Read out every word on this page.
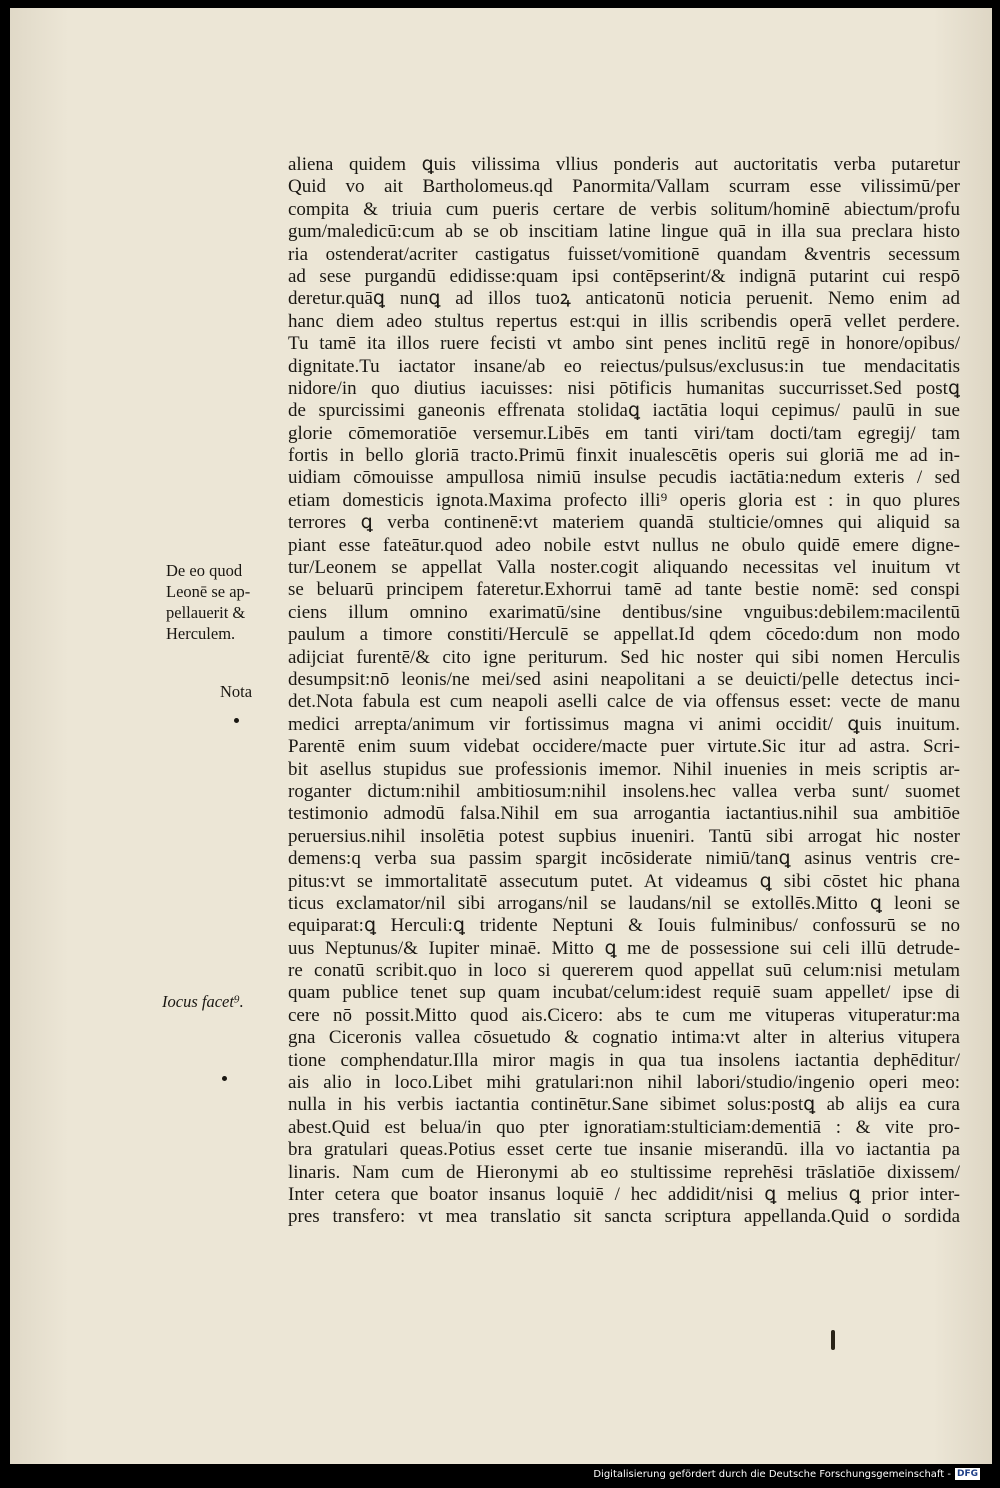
aliena quidem ꝗuis vilissima vllius ponderis aut auctoritatis verba putaretur
Quid vo ait Bartholomeus.qd Panormita/Vallam scurram esse vilissimū/per
compita & triuia cum pueris certare de verbis solitum/hominē abiectum/profu
gum/maledicū:cum ab se ob inscitiam latine lingue quā in illa sua preclara histo
ria ostenderat/acriter castigatus fuisset/vomitionē quandam &ventris secessum
ad sese purgandū edidisse:quam ipsi contēpserint/& indignā putarint cui respō
deretur.quāꝗ nunꝗ ad illos tuoꝝ anticatonū noticia peruenit. Nemo enim ad
hanc diem adeo stultus repertus est:qui in illis scribendis operā vellet perdere.
Tu tamē ita illos ruere fecisti vt ambo sint penes inclitū regē in honore/opibus/
dignitate.Tu iactator insane/ab eo reiectus/pulsus/exclusus:in tue mendacitatis
nidore/in quo diutius iacuisses: nisi pōtificis humanitas succurrisset.Sed postꝗ
de spurcissimi ganeonis effrenata stolidaꝗ iactātia loqui cepimus/ paulū in sue
glorie cōmemoratiōe versemur.Libēs em tanti viri/tam docti/tam egregij/ tam
fortis in bello gloriā tracto.Primū finxit inualescētis operis sui gloriā me ad in-
uidiam cōmouisse ampullosa nimiū insulse pecudis iactātia:nedum exteris / sed
etiam domesticis ignota.Maxima profecto illi⁹ operis gloria est : in quo plures
terrores ꝗ verba continenē:vt materiem quandā stulticie/omnes qui aliquid sa
piant esse fateātur.quod adeo nobile estvt nullus ne obulo quidē emere digne-
tur/Leonem se appellat Valla noster.cogit aliquando necessitas vel inuitum vt
se beluarū principem fateretur.Exhorrui tamē ad tante bestie nomē: sed conspi
ciens illum omnino exarimatū/sine dentibus/sine vnguibus:debilem:macilentū
paulum a timore constiti/Herculē se appellat.Id qdem cōcedo:dum non modo
adijciat furentē/& cito igne periturum. Sed hic noster qui sibi nomen Herculis
desumpsit:nō leonis/ne mei/sed asini neapolitani a se deuicti/pelle detectus inci-
det.Nota fabula est cum neapoli aselli calce de via offensus esset: vecte de manu
medici arrepta/animum vir fortissimus magna vi animi occidit/ ꝗuis inuitum.
Parentē enim suum videbat occidere/macte puer virtute.Sic itur ad astra. Scri-
bit asellus stupidus sue professionis imemor. Nihil inuenies in meis scriptis ar-
roganter dictum:nihil ambitiosum:nihil insolens.hec vallea verba sunt/ suomet
testimonio admodū falsa.Nihil em sua arrogantia iactantius.nihil sua ambitiōe
peruersius.nihil insolētia potest supbius inueniri. Tantū sibi arrogat hic noster
demens:q verba sua passim spargit incōsiderate nimiū/tanꝗ asinus ventris cre-
pitus:vt se immortalitatē assecutum putet. At videamus ꝗ sibi cōstet hic phana
ticus exclamator/nil sibi arrogans/nil se laudans/nil se extollēs.Mitto ꝗ leoni se
equiparat:ꝗ Herculi:ꝗ tridente Neptuni & Iouis fulminibus/ confossurū se no
uus Neptunus/& Iupiter minaē. Mitto ꝗ me de possessione sui celi illū detrude-
re conatū scribit.quo in loco si quererem quod appellat suū celum:nisi metulam
quam publice tenet sup quam incubat/celum:idest requiē suam appellet/ ipse di
cere nō possit.Mitto quod ais.Cicero: abs te cum me vituperas vituperatur:ma
gna Ciceronis vallea cōsuetudo & cognatio intima:vt alter in alterius vitupera
tione comphendatur.Illa miror magis in qua tua insolens iactantia dephēditur/
ais alio in loco.Libet mihi gratulari:non nihil labori/studio/ingenio operi meo:
nulla in his verbis iactantia continētur.Sane sibimet solus:postꝗ ab alijs ea cura
abest.Quid est belua/in quo pter ignoratiam:stulticiam:dementiā : & vite pro-
bra gratulari queas.Potius esset certe tue insanie miserandū. illa vo iactantia pa
linaris. Nam cum de Hieronymi ab eo stultissime reprehēsi trāslatiōe dixissem/
Inter cetera que boator insanus loquiē / hec addidit/nisi ꝗ melius ꝗ prior inter-
pres transfero: vt mea translatio sit sancta scriptura appellanda.Quid o sordida
De eo quod
Leonē se ap-
pellauerit &
Herculem.
Nota
Iocus facet⁹.
Digitalisierung gefördert durch die Deutsche Forschungsgemeinschaft - DFG
